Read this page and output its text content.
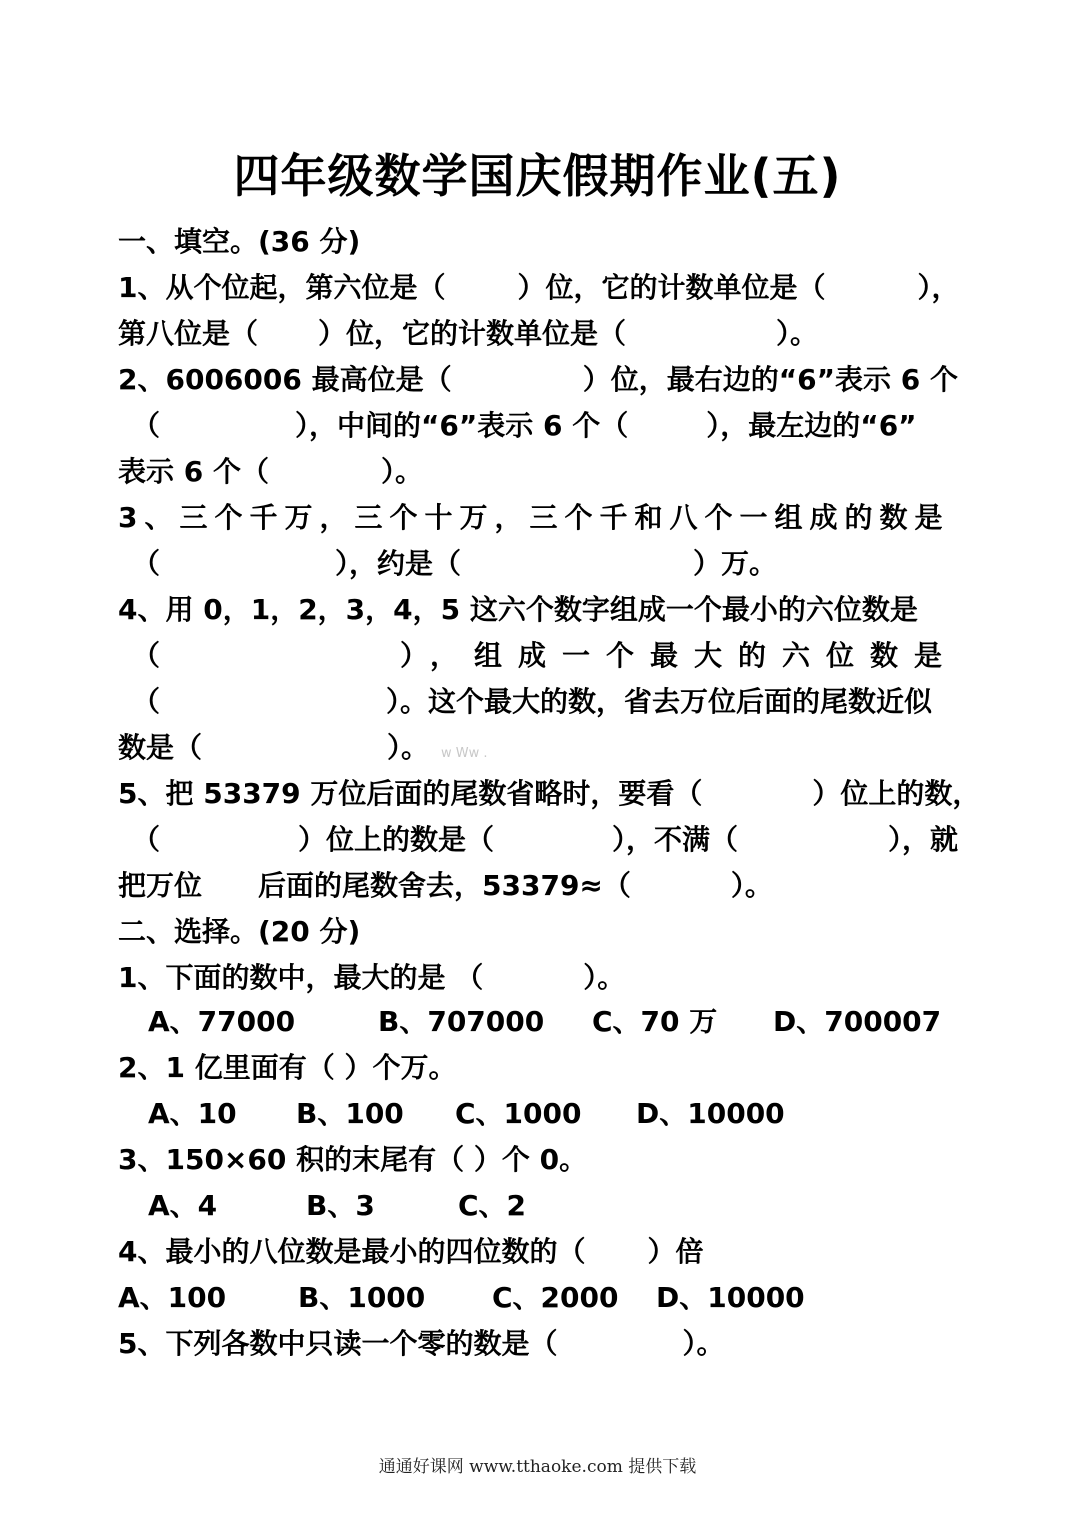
四年级数学国庆假期作业(五)
一、填空。(36 分)
1、从个位起，第六位是（	）位，它的计数单位是（	），
第八位是（ ）位，它的计数单位是（	）。
2、6006006 最高位是（	）位，最右边的“6”表示 6 个
（	），中间的“6”表示 6 个（	），最左边的“6”
表示 6 个（	）。
3、三个千万，三个十万，三个千和八个一组成的数是
（	），约是（	）万。
4、用 0，1，2，3，4，5 这六个数字组成一个最小的六位数是
（	），组成一个最大的六位数是
（	）。这个最大的数，省去万位后面的尾数近似
数是（	）。 w Ww .
5、把 53379 万位后面的尾数省略时，要看（	）位上的数，
（	）位上的数是（	），不满（	），就
把万位 后面的尾数舍去，53379≈（	）。
二、选择。(20 分)
1、下面的数中，最大的是 （	）。
A、77000	B、707000 C、70 万 D、700007
2、1 亿里面有（ ）个万。
A、10 B、100 C、1000 D、10000
3、150×60 积的末尾有（ ）个 0。
A、4	B、3	C、2
4、最小的八位数是最小的四位数的（ ）倍
A、100	B、1000 C、2000 D、10000
5、下列各数中只读一个零的数是（	）。
通通好课网 www.tthaoke.com 提供下载
